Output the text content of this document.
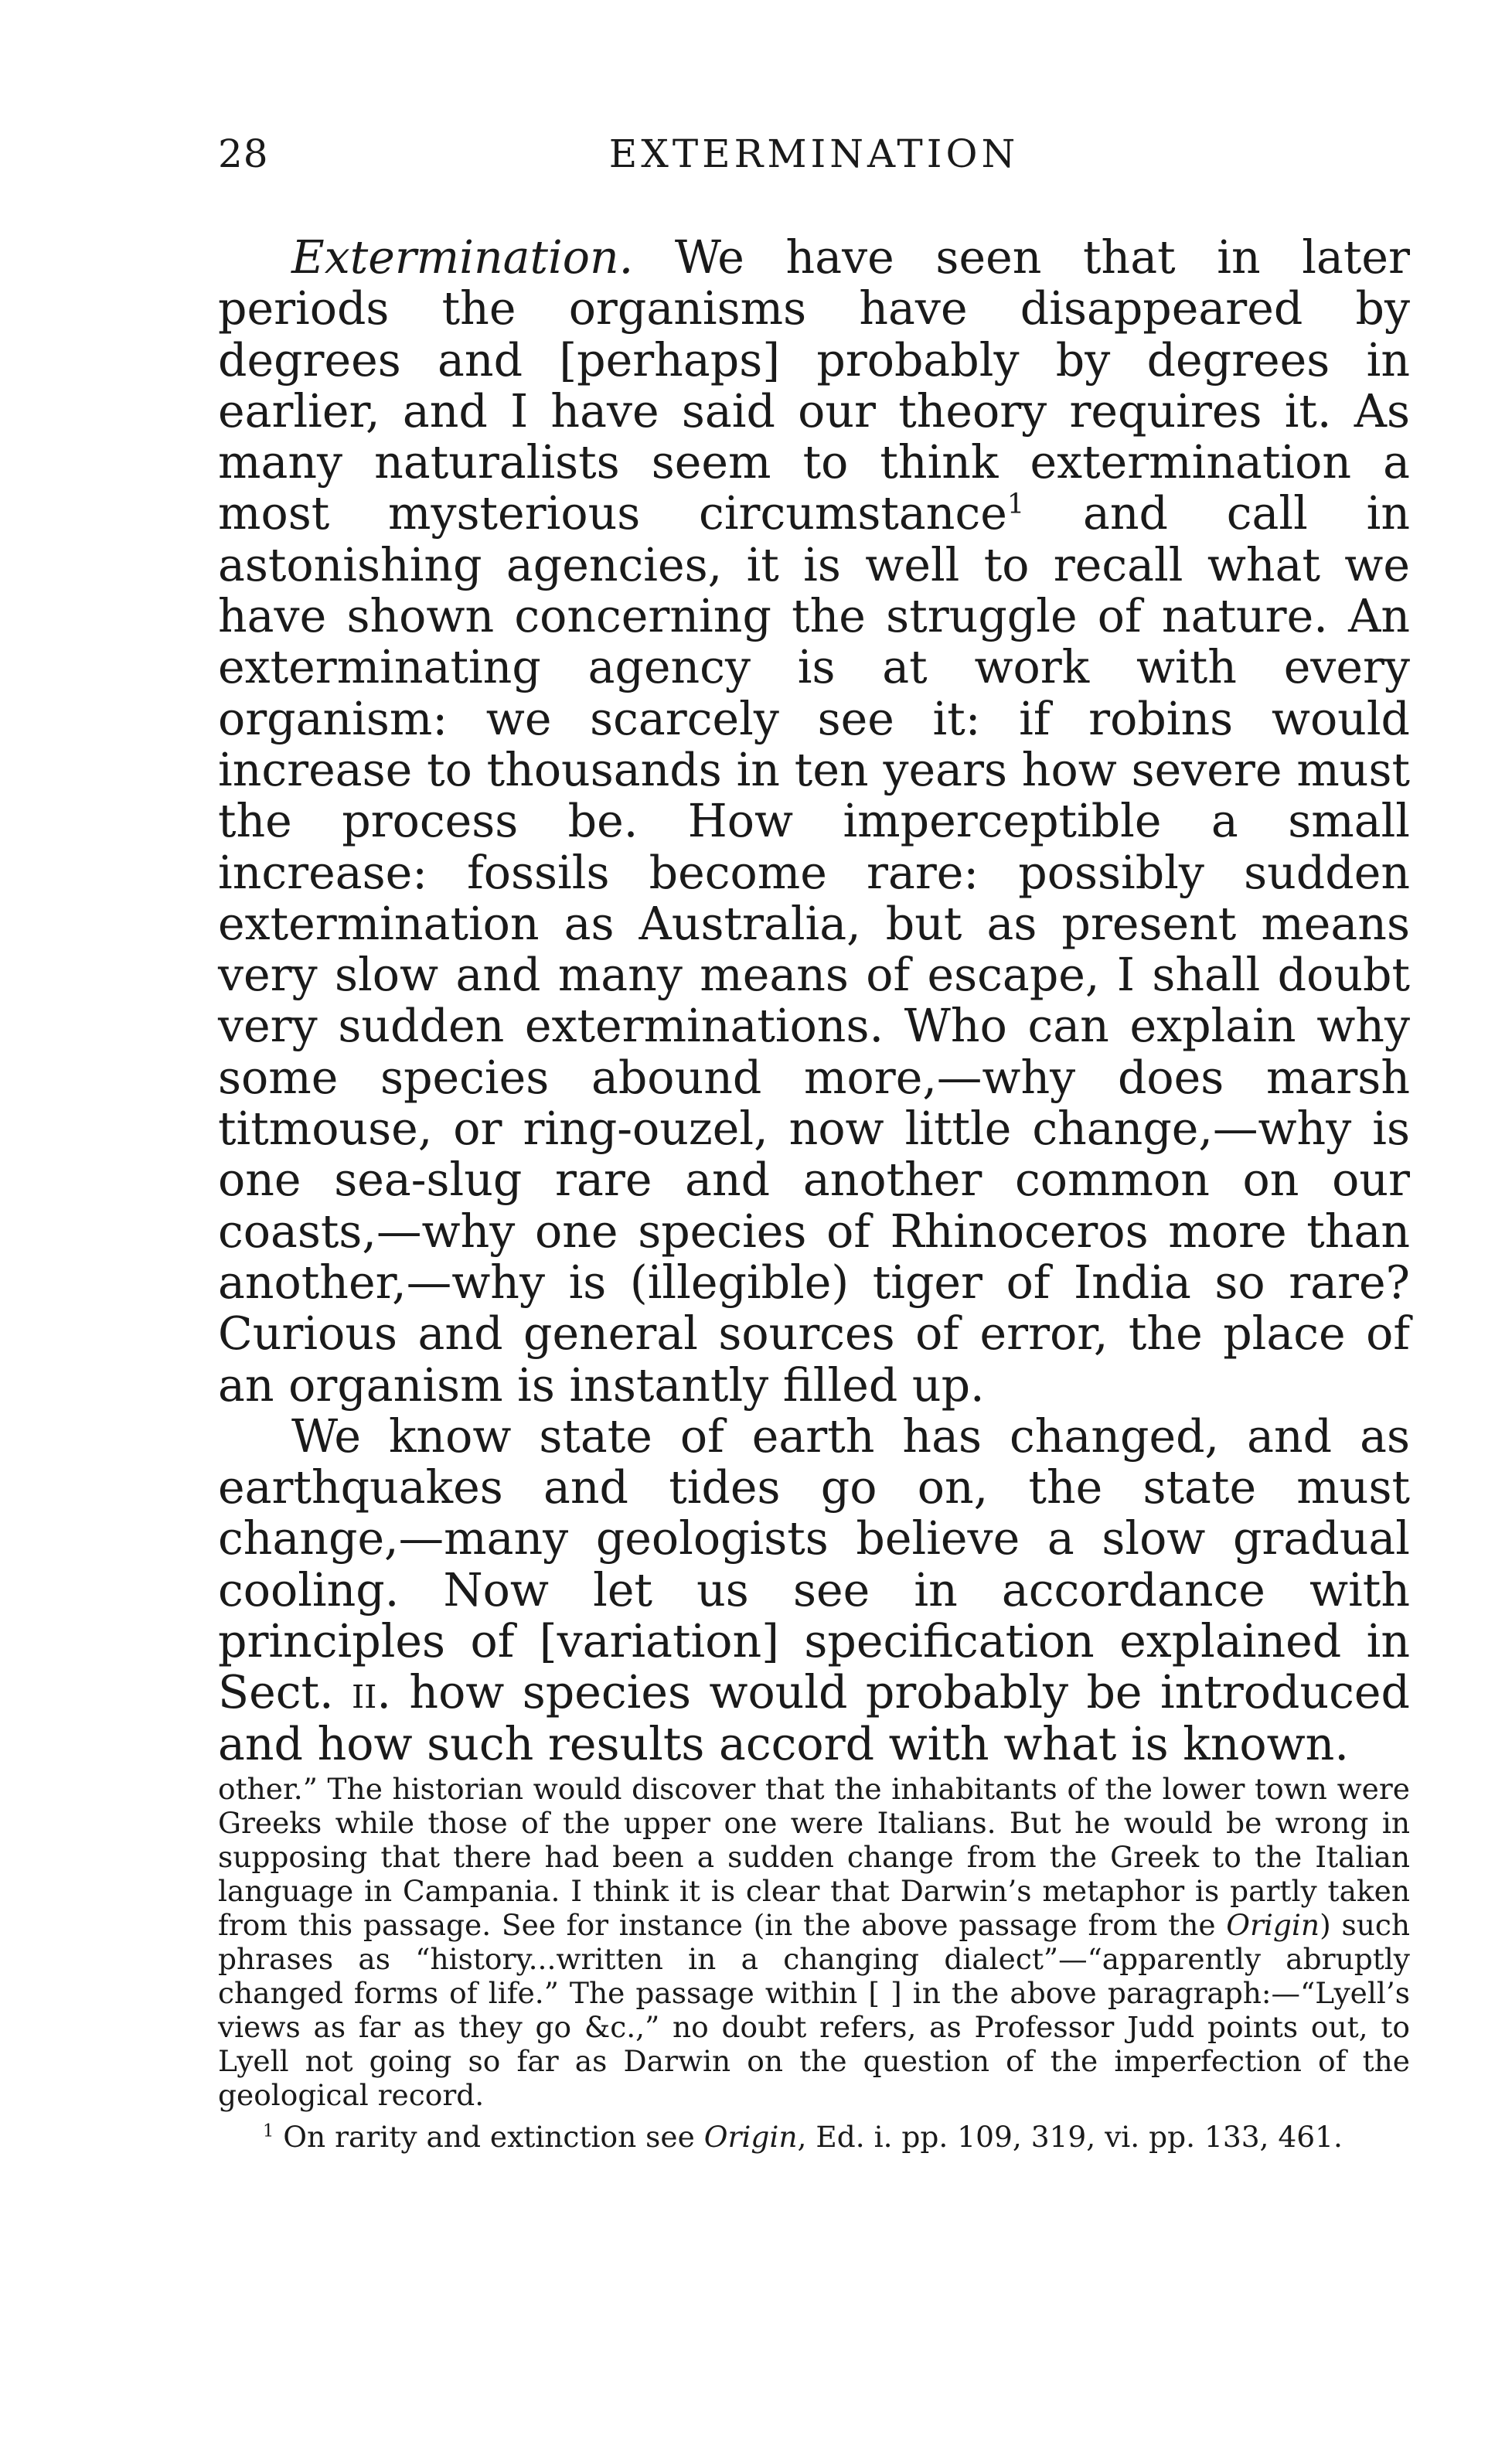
28	EXTERMINATION

Extermination. We have seen that in later periods the organisms have disappeared by degrees and [perhaps] probably by degrees in earlier, and I have said our theory requires it. As many naturalists seem to think extermination a most mysterious circumstance$^1$ and call in astonishing agencies, it is well to recall what we have shown concerning the struggle of nature. An exterminating agency is at work with every organism: we scarcely see it: if robins would increase to thousands in ten years how severe must the process be. How imperceptible a small increase: fossils become rare: possibly sudden extermination as Australia, but as present means very slow and many means of escape, I shall doubt very sudden exterminations. Who can explain why some species abound more,—why does marsh titmouse, or ring-ouzel, now little change,—why is one sea-slug rare and another common on our coasts,—why one species of Rhinoceros more than another,—why is (illegible) tiger of India so rare? Curious and general sources of error, the place of an organism is instantly filled up.

We know state of earth has changed, and as earthquakes and tides go on, the state must change,—many geologists believe a slow gradual cooling. Now let us see in accordance with principles of [variation] specification explained in Sect. ii. how species would probably be introduced and how such results accord with what is known.

other.” The historian would discover that the inhabitants of the lower town were Greeks while those of the upper one were Italians. But he would be wrong in supposing that there had been a sudden change from the Greek to the Italian language in Campania. I think it is clear that Darwin’s metaphor is partly taken from this passage. See for instance (in the above passage from the Origin) such phrases as “history...written in a changing dialect”—“apparently abruptly changed forms of life.” The passage within [ ] in the above paragraph:—“Lyell’s views as far as they go &c.,” no doubt refers, as Professor Judd points out, to Lyell not going so far as Darwin on the question of the imperfection of the geological record.

$^1$ On rarity and extinction see Origin, Ed. i. pp. 109, 319, vi. pp. 133, 461.
